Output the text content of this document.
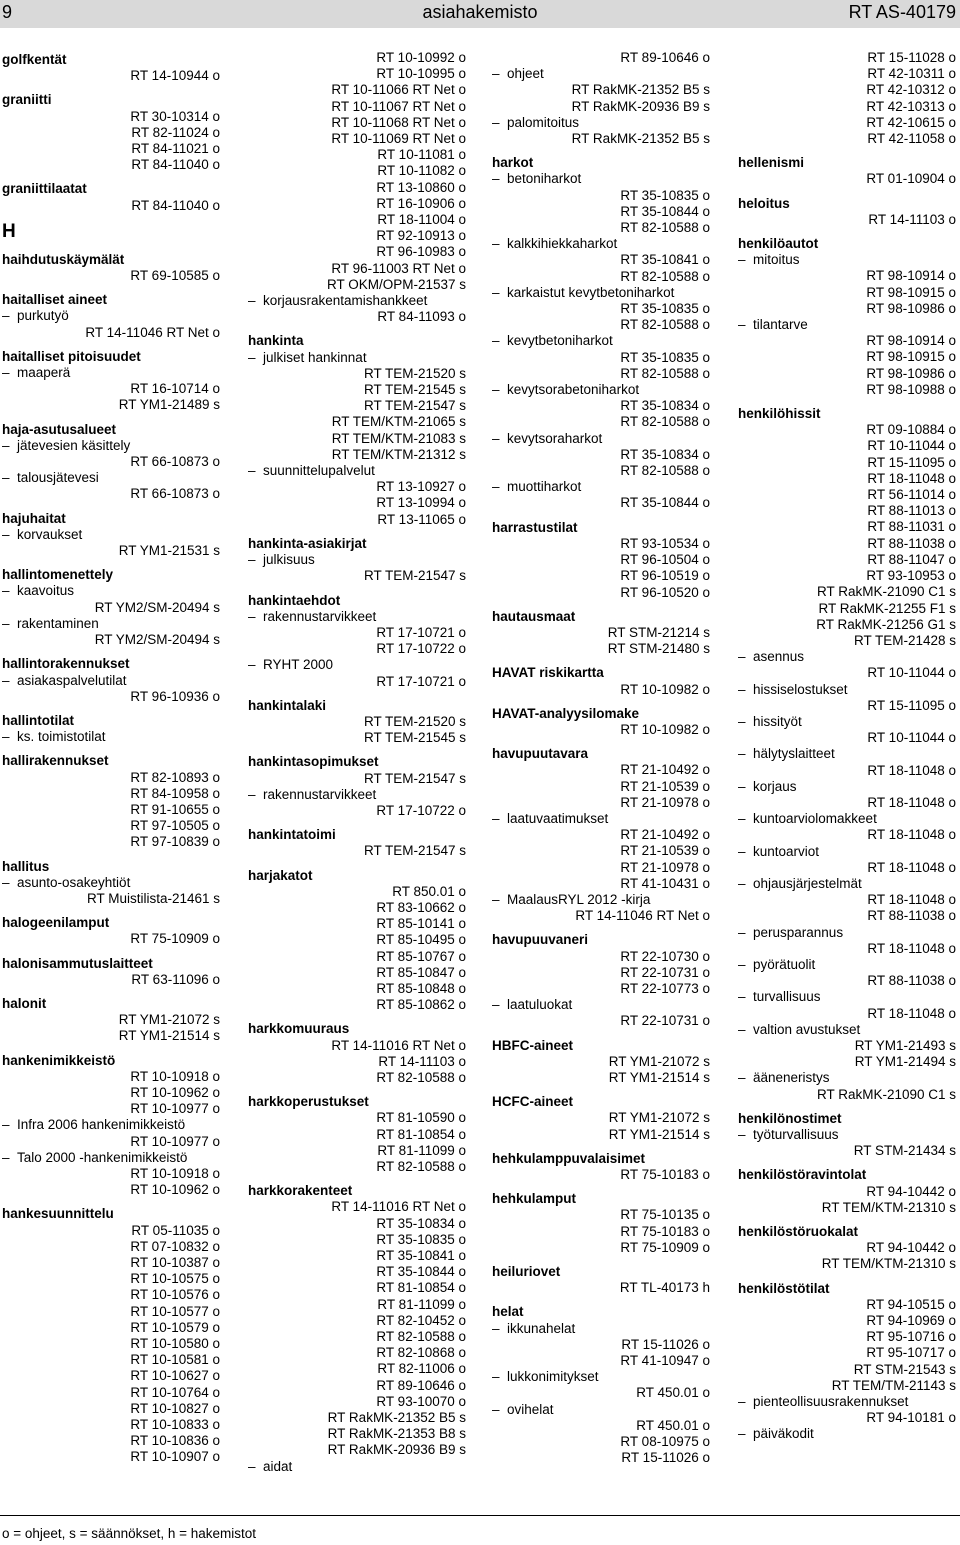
9	asiahakemisto	RT AS-40179
golfkentät
RT 14-10944 o
graniitti
RT 30-10314 o
RT 82-11024 o
RT 84-11021 o
RT 84-11040 o
graniittilaatat
RT 84-11040 o
H
haihdutuskäymälät
RT 69-10585 o
haitalliset aineet
– purkutyö
RT 14-11046 RT Net o
haitalliset pitoisuudet
– maaperä
RT 16-10714 o
RT YM1-21489 s
haja-asutusalueet
– jätevesien käsittely
RT 66-10873 o
– talousjätevesi
RT 66-10873 o
hajuhaitat
– korvaukset
RT YM1-21531 s
hallintomenettely
– kaavoitus
RT YM2/SM-20494 s
– rakentaminen
RT YM2/SM-20494 s
hallintorakennukset
– asiakaspalvelutilat
RT 96-10936 o
hallintotilat
– ks. toimistotilat
hallirakennukset
RT 82-10893 o
RT 84-10958 o
RT 91-10655 o
RT 97-10505 o
RT 97-10839 o
hallitus
– asunto-osakeyhtiöt
RT Muistilista-21461 s
halogeenilamput
RT 75-10909 o
halonisammutuslaitteet
RT 63-11096 o
halonit
RT YM1-21072 s
RT YM1-21514 s
hankenimikkeistö
RT 10-10918 o
RT 10-10962 o
RT 10-10977 o
– Infra 2006 hankenimikkeistö
RT 10-10977 o
– Talo 2000 -hankenimikkeistö
RT 10-10918 o
RT 10-10962 o
hankesuunnittelu
RT 05-11035 o
RT 07-10832 o
RT 10-10387 o
RT 10-10575 o
RT 10-10576 o
RT 10-10577 o
RT 10-10579 o
RT 10-10580 o
RT 10-10581 o
RT 10-10627 o
RT 10-10764 o
RT 10-10827 o
RT 10-10833 o
RT 10-10836 o
RT 10-10907 o
RT 10-10992 o
RT 10-10995 o
RT 10-11066 RT Net o
RT 10-11067 RT Net o
RT 10-11068 RT Net o
RT 10-11069 RT Net o
RT 10-11081 o
RT 10-11082 o
RT 13-10860 o
RT 16-10906 o
RT 18-11004 o
RT 92-10913 o
RT 96-10983 o
RT 96-11003 RT Net o
RT OKM/OPM-21537 s
– korjausrakentamishankkeet
RT 84-11093 o
hankinta
– julkiset hankinnat
RT TEM-21520 s
RT TEM-21545 s
RT TEM-21547 s
RT TEM/KTM-21065 s
RT TEM/KTM-21083 s
RT TEM/KTM-21312 s
– suunnittelupalvelut
RT 13-10927 o
RT 13-10994 o
RT 13-11065 o
hankinta-asiakirjat
– julkisuus
RT TEM-21547 s
hankintaehdot
– rakennustarvikkeet
RT 17-10721 o
RT 17-10722 o
– RYHT 2000
RT 17-10721 o
hankintalaki
RT TEM-21520 s
RT TEM-21545 s
hankintasopimukset
RT TEM-21547 s
– rakennustarvikkeet
RT 17-10722 o
hankintatoimi
RT TEM-21547 s
harjakatot
RT 850.01 o
RT 83-10662 o
RT 85-10141 o
RT 85-10495 o
RT 85-10767 o
RT 85-10847 o
RT 85-10848 o
RT 85-10862 o
harkkomuuraus
RT 14-11016 RT Net o
RT 14-11103 o
RT 82-10588 o
harkkoperustukset
RT 81-10590 o
RT 81-10854 o
RT 81-11099 o
RT 82-10588 o
harkkorakenteet
RT 14-11016 RT Net o
RT 35-10834 o
RT 35-10835 o
RT 35-10841 o
RT 35-10844 o
RT 81-10854 o
RT 81-11099 o
RT 82-10452 o
RT 82-10588 o
RT 82-10868 o
RT 82-11006 o
RT 89-10646 o
RT 93-10070 o
RT RakMK-21352 B5 s
RT RakMK-21353 B8 s
RT RakMK-20936 B9 s
– aidat
RT 89-10646 o
– ohjeet
RT RakMK-21352 B5 s
RT RakMK-20936 B9 s
– palomitoitus
RT RakMK-21352 B5 s
harkot
– betoniharkot
RT 35-10835 o
RT 35-10844 o
RT 82-10588 o
– kalkkihiekkaharkot
RT 35-10841 o
RT 82-10588 o
– karkaistut kevytbetoniharkot
RT 35-10835 o
RT 82-10588 o
– kevytbetoniharkot
RT 35-10835 o
RT 82-10588 o
– kevytsorabetoniharkot
RT 35-10834 o
RT 82-10588 o
– kevytsoraharkot
RT 35-10834 o
RT 82-10588 o
– muottiharkot
RT 35-10844 o
harrastustilat
RT 93-10534 o
RT 96-10504 o
RT 96-10519 o
RT 96-10520 o
hautausmaat
RT STM-21214 s
RT STM-21480 s
HAVAT riskikartta
RT 10-10982 o
HAVAT-analyysilomake
RT 10-10982 o
havupuutavara
RT 21-10492 o
RT 21-10539 o
RT 21-10978 o
– laatuvaatimukset
RT 21-10492 o
RT 21-10539 o
RT 21-10978 o
RT 41-10431 o
– MaalausRYL 2012 -kirja
RT 14-11046 RT Net o
havupuuvaneri
RT 22-10730 o
RT 22-10731 o
RT 22-10773 o
– laatuluokat
RT 22-10731 o
HBFC-aineet
RT YM1-21072 s
RT YM1-21514 s
HCFC-aineet
RT YM1-21072 s
RT YM1-21514 s
hehkulamppuvalaisimet
RT 75-10183 o
hehkulamput
RT 75-10135 o
RT 75-10183 o
RT 75-10909 o
heiluriovet
RT TL-40173 h
helat
– ikkunahelat
RT 15-11026 o
RT 41-10947 o
– lukkonimitykset
RT 450.01 o
– ovihelat
RT 450.01 o
RT 08-10975 o
RT 15-11026 o
RT 15-11028 o
RT 42-10311 o
RT 42-10312 o
RT 42-10313 o
RT 42-10615 o
RT 42-11058 o
hellenismi
RT 01-10904 o
heloitus
RT 14-11103 o
henkilöautot
– mitoitus
RT 98-10914 o
RT 98-10915 o
RT 98-10986 o
– tilantarve
RT 98-10914 o
RT 98-10915 o
RT 98-10986 o
RT 98-10988 o
henkilöhissit
RT 09-10884 o
RT 10-11044 o
RT 15-11095 o
RT 18-11048 o
RT 56-11014 o
RT 88-11013 o
RT 88-11031 o
RT 88-11038 o
RT 88-11047 o
RT 93-10953 o
RT RakMK-21090 C1 s
RT RakMK-21255 F1 s
RT RakMK-21256 G1 s
RT TEM-21428 s
– asennus
RT 10-11044 o
– hissiselostukset
RT 15-11095 o
– hissityöt
RT 10-11044 o
– hälytyslaitteet
RT 18-11048 o
– korjaus
RT 18-11048 o
– kuntoarviolomakkeet
RT 18-11048 o
– kuntoarviot
RT 18-11048 o
– ohjausjärjestelmät
RT 18-11048 o
RT 88-11038 o
– perusparannus
RT 18-11048 o
– pyörätuolit
RT 88-11038 o
– turvallisuus
RT 18-11048 o
– valtion avustukset
RT YM1-21493 s
RT YM1-21494 s
– ääneneristys
RT RakMK-21090 C1 s
henkilönostimet
– työturvallisuus
RT STM-21434 s
henkilöstöravintolat
RT 94-10442 o
RT TEM/KTM-21310 s
henkilöstöruokalat
RT 94-10442 o
RT TEM/KTM-21310 s
henkilöstötilat
RT 94-10515 o
RT 94-10969 o
RT 95-10716 o
RT 95-10717 o
RT STM-21543 s
RT TEM/TM-21143 s
– pienteollisuusrakennukset
RT 94-10181 o
– päiväkodit
o = ohjeet, s = säännökset, h = hakemistot
